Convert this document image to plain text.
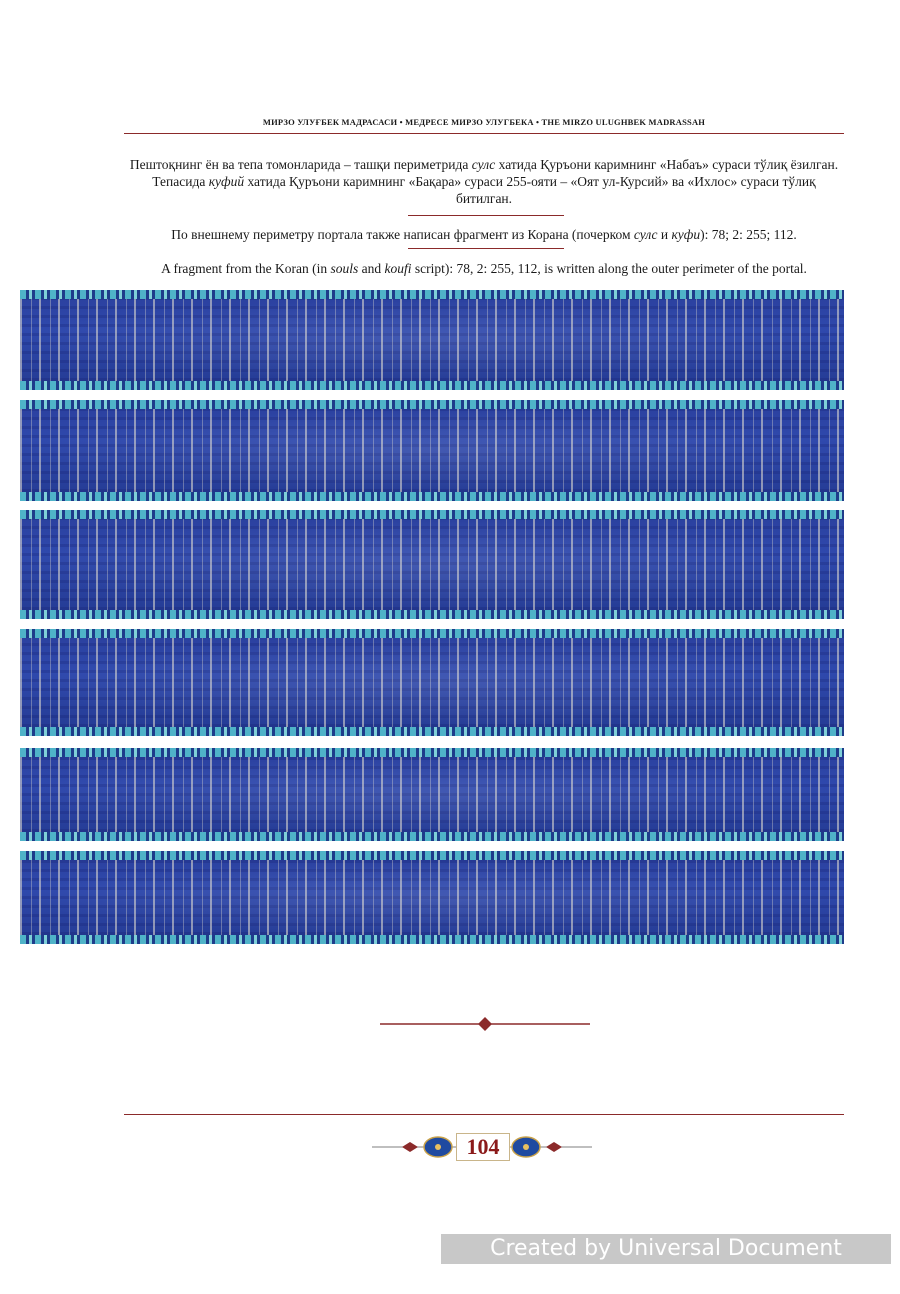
МИРЗО УЛУҒБЕК МАДРАСАСИ • МЕДРЕСЕ МИРЗО УЛУГБЕКА • THE MIRZO ULUGHBEK MADRASSAH
Пештоқнинг ён ва тепа томонларида – ташқи периметрида сулс хатида Қуръони каримнинг «Набаъ» сураси тўлиқ ёзилган. Тепасида куфий хатида Қуръони каримнинг «Бақара» сураси 255-ояти – «Оят ул-Курсий» ва «Ихлос» сураси тўлиқ битилган.
По внешнему периметру портала также написан фрагмент из Корана (почерком сулс и куфи): 78; 2: 255; 112.
A fragment from the Koran (in souls and koufi script): 78, 2: 255, 112, is written along the outer perimeter of the portal.
104
Created by Universal Document Converter
